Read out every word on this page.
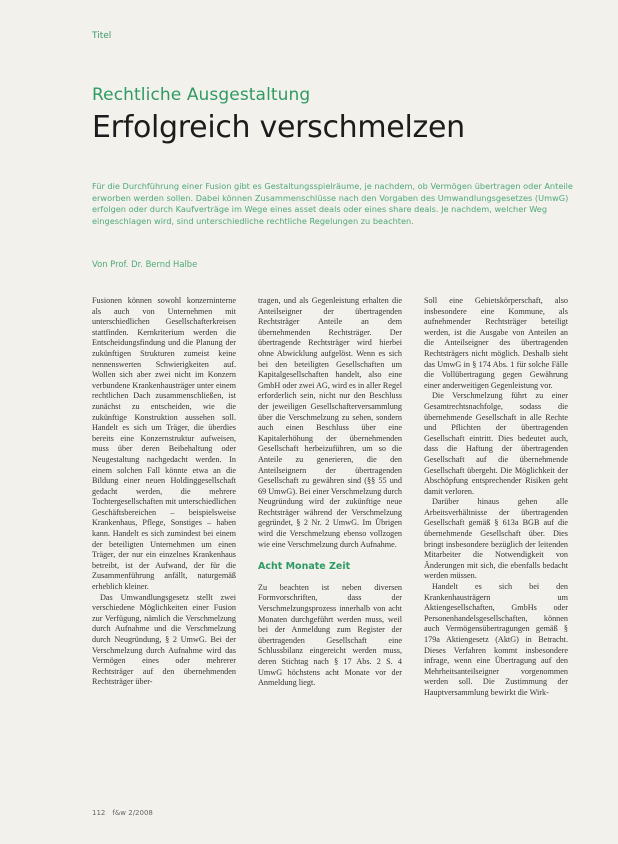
Titel
Rechtliche Ausgestaltung
Erfolgreich verschmelzen

Für die Durchführung einer Fusion gibt es Gestaltungsspielräume, je nachdem, ob Vermögen übertragen oder Anteile erworben werden sollen. Dabei können Zusammenschlüsse nach den Vorgaben des Umwandlungsgesetzes (UmwG) erfolgen oder durch Kaufverträge im Wege eines asset deals oder eines share deals. Je nachdem, welcher Weg eingeschlagen wird, sind unterschiedliche rechtliche Regelungen zu beachten.

Von Prof. Dr. Bernd Halbe

Fusionen können sowohl konzerninterne als auch von Unternehmen mit unterschiedlichen Gesellschafterkreisen stattfinden. Kernkriterium werden die Entscheidungsfindung und die Planung der zukünftigen Strukturen zumeist keine nennenswerten Schwierigkeiten auf. Wollen sich aber zwei nicht im Konzern verbundene Krankenhausträger unter einem rechtlichen Dach zusammenschließen, ist zunächst zu entscheiden, wie die zukünftige Konstruktion aussehen soll. Handelt es sich um Träger, die überdies bereits eine Konzernstruktur aufweisen, muss über deren Beibehaltung oder Neugestaltung nachgedacht werden. In einem solchen Fall könnte etwa an die Bildung einer neuen Holdinggesellschaft gedacht werden, die mehrere Tochtergesellschaften mit unterschiedlichen Geschäftsbereichen – beispielsweise Krankenhaus, Pflege, Sonstiges – haben kann. Handelt es sich zumindest bei einem der beteiligten Unternehmen um einen Träger, der nur ein einzelnes Krankenhaus betreibt, ist der Aufwand, der für die Zusammenführung anfällt, naturgemäß erheblich kleiner.

Das Umwandlungsgesetz stellt zwei verschiedene Möglichkeiten einer Fusion zur Verfügung, nämlich die Verschmelzung durch Aufnahme und die Verschmelzung durch Neugründung, § 2 UmwG. Bei der Verschmelzung durch Aufnahme wird das Vermögen eines oder mehrerer Rechtsträger auf den übernehmenden Rechtsträger über-

tragen, und als Gegenleistung erhalten die Anteilseigner der übertragenden Rechtsträger Anteile an dem übernehmenden Rechtsträger. Der übertragende Rechtsträger wird hierbei ohne Abwicklung aufgelöst. Wenn es sich bei den beteiligten Gesellschaften um Kapitalgesellschaften handelt, also eine GmbH oder zwei AG, wird es in aller Regel erforderlich sein, nicht nur den Beschluss der jeweiligen Gesellschafterversammlung über die Verschmelzung zu sehen, sondern auch einen Beschluss über eine Kapitalerhöhung der übernehmenden Gesellschaft herbeizuführen, um so die Anteile zu generieren, die den Anteilseignern der übertragenden Gesellschaft zu gewähren sind (§§ 55 und 69 UmwG). Bei einer Verschmelzung durch Neugründung wird der zukünftige neue Rechtsträger während der Verschmelzung gegründet, § 2 Nr. 2 UmwG. Im Übrigen wird die Verschmelzung ebenso vollzogen wie eine Verschmelzung durch Aufnahme.

Acht Monate Zeit

Zu beachten ist neben diversen Formvorschriften, dass der Verschmelzungsprozess innerhalb von acht Monaten durchgeführt werden muss, weil bei der Anmeldung zum Register der übertragenden Gesellschaft eine Schlussbilanz eingereicht werden muss, deren Stichtag nach § 17 Abs. 2 S. 4 UmwG höchstens acht Monate vor der Anmeldung liegt.

Soll eine Gebietskörperschaft, also insbesondere eine Kommune, als aufnehmender Rechtsträger beteiligt werden, ist die Ausgabe von Anteilen an die Anteilseigner des übertragenden Rechtsträgers nicht möglich. Deshalb sieht das UmwG in § 174 Abs. 1 für solche Fälle die Vollübertragung gegen Gewährung einer anderweitigen Gegenleistung vor.

Die Verschmelzung führt zu einer Gesamtrechtsnachfolge, sodass die übernehmende Gesellschaft in alle Rechte und Pflichten der übertragenden Gesellschaft eintritt. Dies bedeutet auch, dass die Haftung der übertragenden Gesellschaft auf die übernehmende Gesellschaft übergeht. Die Möglichkeit der Abschöpfung entsprechender Risiken geht damit verloren.

Darüber hinaus gehen alle Arbeitsverhältnisse der übertragenden Gesellschaft gemäß § 613a BGB auf die übernehmende Gesellschaft über. Dies bringt insbesondere bezüglich der leitenden Mitarbeiter die Notwendigkeit von Änderungen mit sich, die ebenfalls bedacht werden müssen.

Handelt es sich bei den Krankenhausträgern um Aktiengesellschaften, GmbHs oder Personenhandelsgesellschaften, können auch Vermögensübertragungen gemäß § 179a Aktiengesetz (AktG) in Betracht. Dieses Verfahren kommt insbesondere infrage, wenn eine Übertragung auf den Mehrheitsanteilseigner vorgenommen werden soll. Die Zustimmung der Hauptversammlung bewirkt die Wirk-

112 f&w 2/2008
